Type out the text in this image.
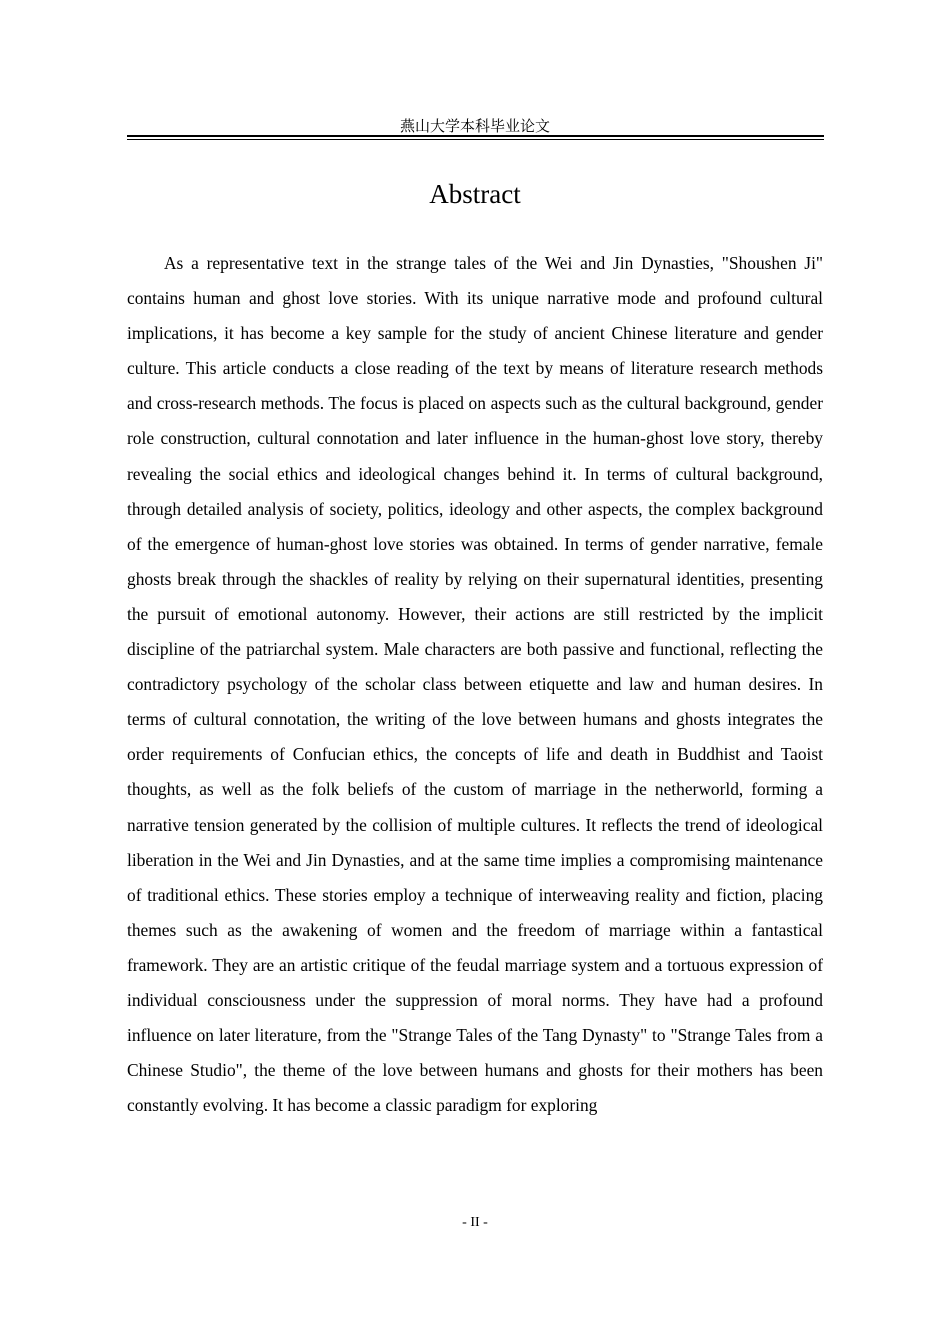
燕山大学本科毕业论文
Abstract

As a representative text in the strange tales of the Wei and Jin Dynasties, "Shoushen Ji" contains human and ghost love stories. With its unique narrative mode and profound cultural implications, it has become a key sample for the study of ancient Chinese literature and gender culture. This article conducts a close reading of the text by means of literature research methods and cross-research methods. The focus is placed on aspects such as the cultural background, gender role construction, cultural connotation and later influence in the human-ghost love story, thereby revealing the social ethics and ideological changes behind it. In terms of cultural background, through detailed analysis of society, politics, ideology and other aspects, the complex background of the emergence of human-ghost love stories was obtained. In terms of gender narrative, female ghosts break through the shackles of reality by relying on their supernatural identities, presenting the pursuit of emotional autonomy. However, their actions are still restricted by the implicit discipline of the patriarchal system. Male characters are both passive and functional, reflecting the contradictory psychology of the scholar class between etiquette and law and human desires. In terms of cultural connotation, the writing of the love between humans and ghosts integrates the order requirements of Confucian ethics, the concepts of life and death in Buddhist and Taoist thoughts, as well as the folk beliefs of the custom of marriage in the netherworld, forming a narrative tension generated by the collision of multiple cultures. It reflects the trend of ideological liberation in the Wei and Jin Dynasties, and at the same time implies a compromising maintenance of traditional ethics. These stories employ a technique of interweaving reality and fiction, placing themes such as the awakening of women and the freedom of marriage within a fantastical framework. They are an artistic critique of the feudal marriage system and a tortuous expression of individual consciousness under the suppression of moral norms. They have had a profound influence on later literature, from the "Strange Tales of the Tang Dynasty" to "Strange Tales from a Chinese Studio", the theme of the love between humans and ghosts for their mothers has been constantly evolving. It has become a classic paradigm for exploring

- II -
